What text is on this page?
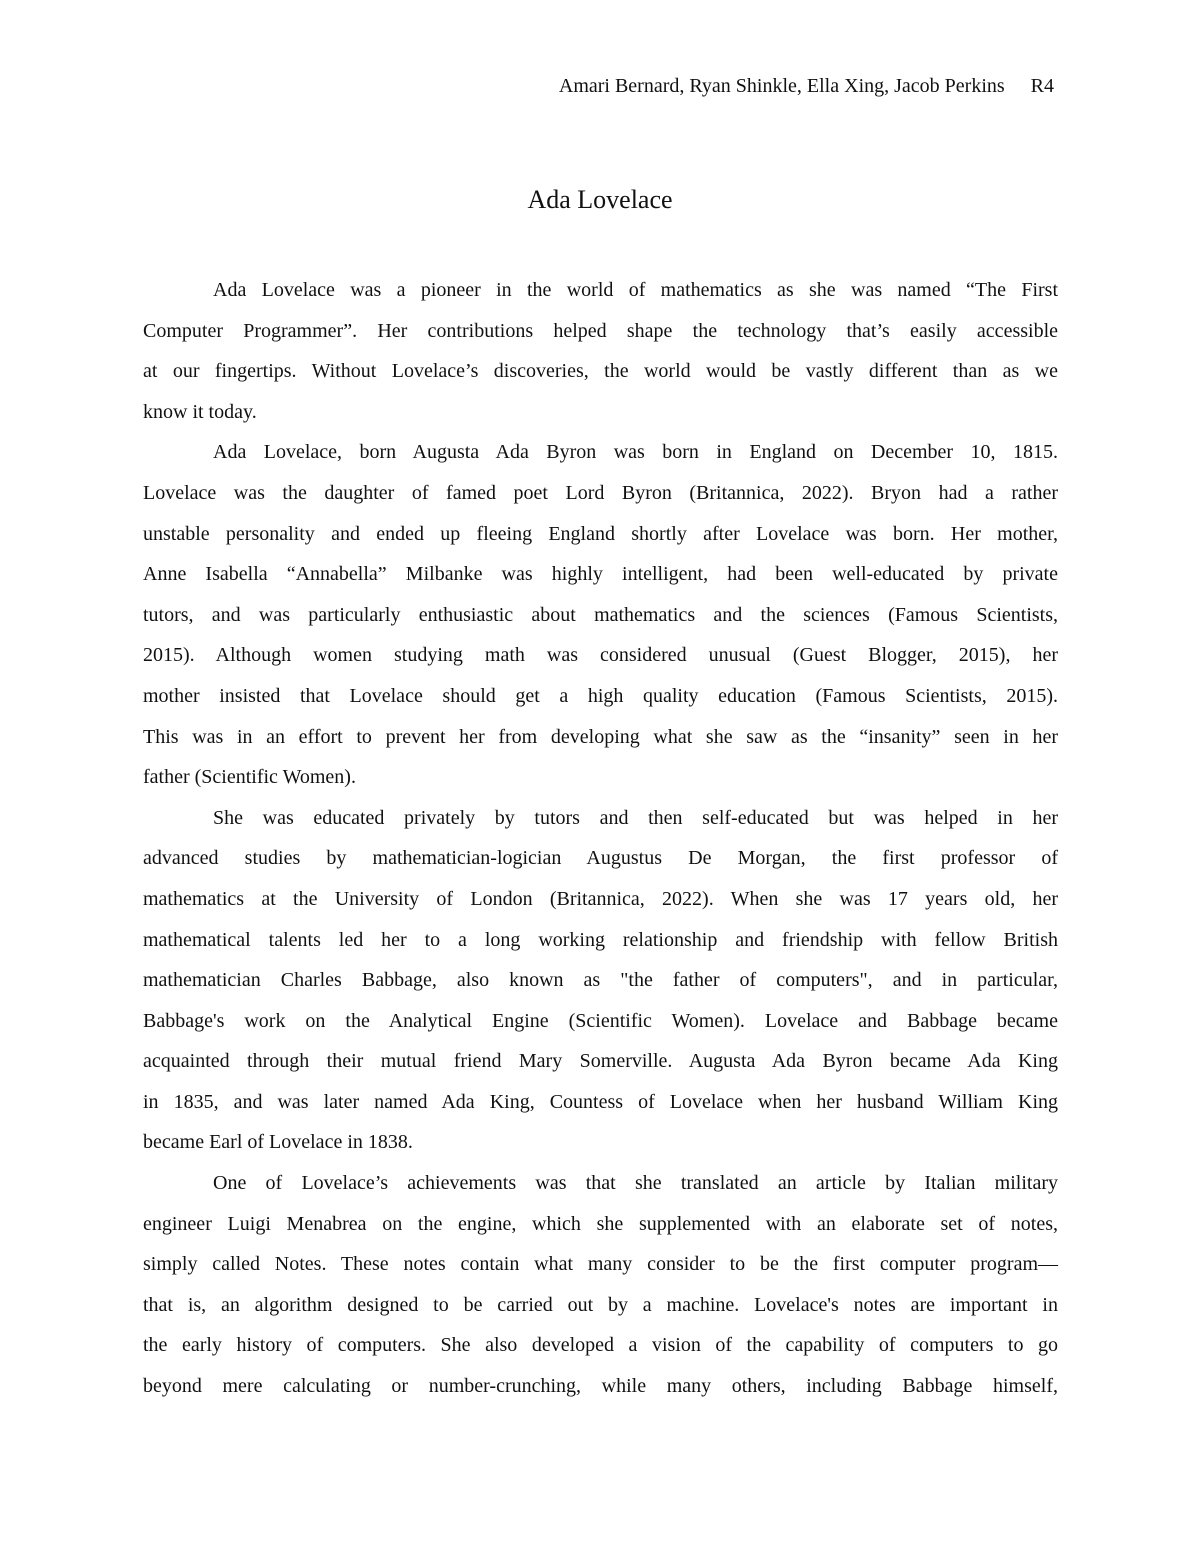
Amari Bernard, Ryan Shinkle, Ella Xing, Jacob Perkins R4
Ada Lovelace
Ada Lovelace was a pioneer in the world of mathematics as she was named “The First
Computer Programmer”. Her contributions helped shape the technology that’s easily accessible
at our fingertips. Without Lovelace’s discoveries, the world would be vastly different than as we
know it today.
Ada Lovelace, born Augusta Ada Byron was born in England on December 10, 1815.
Lovelace was the daughter of famed poet Lord Byron (Britannica, 2022). Bryon had a rather
unstable personality and ended up fleeing England shortly after Lovelace was born. Her mother,
Anne Isabella “Annabella” Milbanke was highly intelligent, had been well-educated by private
tutors, and was particularly enthusiastic about mathematics and the sciences (Famous Scientists,
2015). Although women studying math was considered unusual (Guest Blogger, 2015), her
mother insisted that Lovelace should get a high quality education (Famous Scientists, 2015).
This was in an effort to prevent her from developing what she saw as the “insanity” seen in her
father (Scientific Women).
She was educated privately by tutors and then self-educated but was helped in her
advanced studies by mathematician-logician Augustus De Morgan, the first professor of
mathematics at the University of London (Britannica, 2022). When she was 17 years old, her
mathematical talents led her to a long working relationship and friendship with fellow British
mathematician Charles Babbage, also known as "the father of computers", and in particular,
Babbage's work on the Analytical Engine (Scientific Women). Lovelace and Babbage became
acquainted through their mutual friend Mary Somerville. Augusta Ada Byron became Ada King
in 1835, and was later named Ada King, Countess of Lovelace when her husband William King
became Earl of Lovelace in 1838.
One of Lovelace’s achievements was that she translated an article by Italian military
engineer Luigi Menabrea on the engine, which she supplemented with an elaborate set of notes,
simply called Notes. These notes contain what many consider to be the first computer program—
that is, an algorithm designed to be carried out by a machine. Lovelace's notes are important in
the early history of computers. She also developed a vision of the capability of computers to go
beyond mere calculating or number-crunching, while many others, including Babbage himself,
